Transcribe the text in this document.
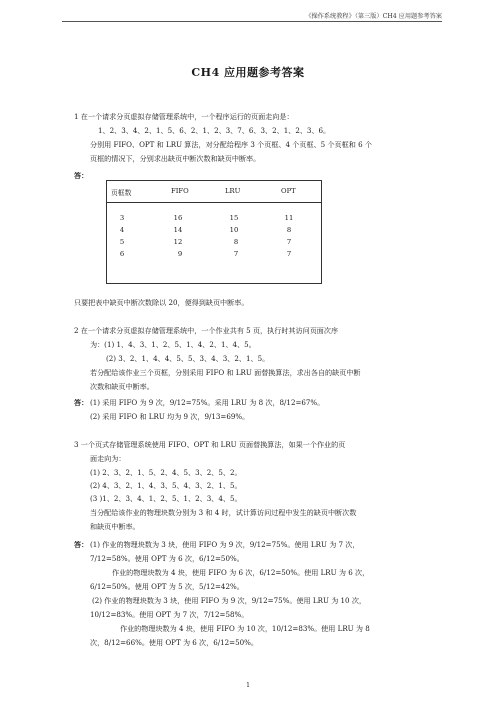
《操作系统教程》（第三版）CH4 应用题参考答案
CH4 应用题参考答案
1 在一个请求分页虚拟存储管理系统中，一个程序运行的页面走向是：
1、2、3、4、2、1、5、6、2、1、2、3、7、6、3、2、1、2、3、6。
分别用 FIFO、OPT 和 LRU 算法，对分配给程序 3 个页框、4 个页框、5 个页框和 6 个
页框的情况下，分别求出缺页中断次数和缺页中断率。
答：
页框数	FIFO	LRU	OPT
3	16	15	11
4	14	10	8
5	12	8	7
6	9	7	7
只要把表中缺页中断次数除以 20，便得到缺页中断率。
2 在一个请求分页虚拟存储管理系统中，一个作业共有 5 页，执行时其访问页面次序
为：(1) 1、4、3、1、2、5、1、4、2、1、4、5。
(2) 3、2、1、4、4、5、5、3、4、3、2、1、5。
若分配给该作业三个页框，分别采用 FIFO 和 LRU 面替换算法，求出各自的缺页中断
次数和缺页中断率。
答： (1) 采用 FIFO 为 9 次，9/12=75%。采用 LRU 为 8 次，8/12=67%。
(2) 采用 FIFO 和 LRU 均为 9 次，9/13=69%。
3 一个页式存储管理系统使用 FIFO、OPT 和 LRU 页面替换算法，如果一个作业的页
面走向为：
(1) 2、3、2、1、5、2、4、5、3、2、5、2。
(2) 4、3、2、1、4、3、5、4、3、2、1、5。
(3 )1、2、3、4、1、2、5、1、2、3、4、5。
当分配给该作业的物理块数分别为 3 和 4 时，试计算访问过程中发生的缺页中断次数
和缺页中断率。
答： (1) 作业的物理块数为 3 块，使用 FIFO 为 9 次，9/12=75%。使用 LRU 为 7 次，
7/12=58%。使用 OPT 为 6 次，6/12=50%。
作业的物理块数为 4 块，使用 FIFO 为 6 次，6/12=50%。使用 LRU 为 6 次，
6/12=50%。使用 OPT 为 5 次，5/12=42%。
(2) 作业的物理块数为 3 块，使用 FIFO 为 9 次，9/12=75%。使用 LRU 为 10 次，
10/12=83%。使用 OPT 为 7 次，7/12=58%。
作业的物理块数为 4 块，使用 FIFO 为 10 次，10/12=83%。使用 LRU 为 8
次，8/12=66%。使用 OPT 为 6 次，6/12=50%。
1
